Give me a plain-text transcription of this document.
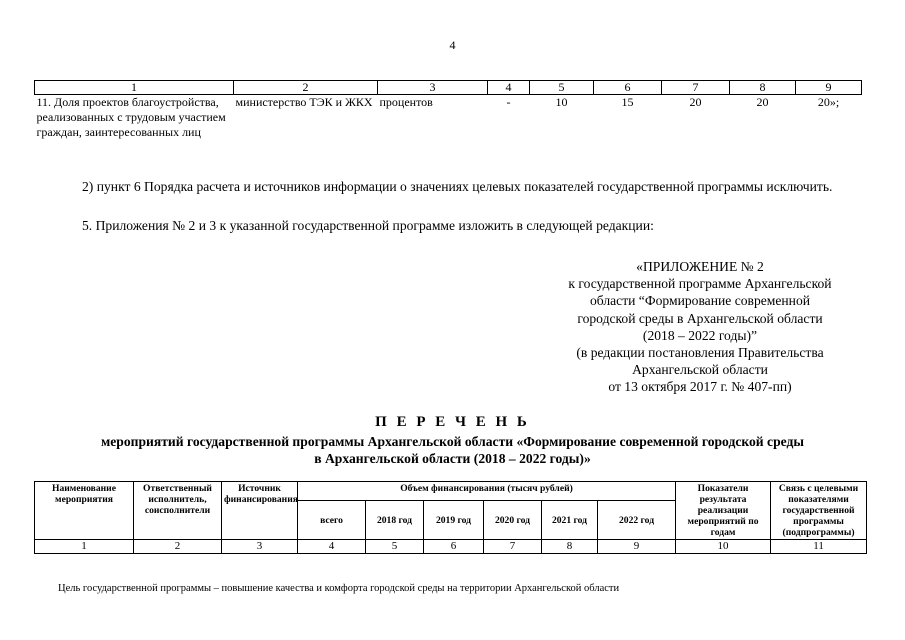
4
1	2	3	4	5	6	7	8	9
11. Доля проектов благоустройства, реализованных с трудовым участием граждан, заинтересованных лиц	министерство ТЭК и ЖКХ	процентов	-	10	15	20	20	20»;
2) пункт 6 Порядка расчета и источников информации о значениях целевых показателей государственной программы исключить.
5. Приложения № 2 и 3 к указанной государственной программе изложить в следующей редакции:
«ПРИЛОЖЕНИЕ № 2
к государственной программе Архангельской
области “Формирование современной
городской среды в Архангельской области
(2018 – 2022 годы)”
(в редакции постановления Правительства
Архангельской области
от 13 октября 2017 г. № 407-пп)
П Е Р Е Ч Е Н Ь
мероприятий государственной программы Архангельской области «Формирование современной городской среды
в Архангельской области (2018 – 2022 годы)»
Наименование мероприятия	Ответственный исполнитель, соисполнители	Источник финансирования	Объем финансирования (тысяч рублей)						Показатели результата реализации мероприятий по годам	Связь с целевыми показателями государственной программы (подпрограммы)
			всего	2018 год	2019 год	2020 год	2021 год	2022 год		
1	2	3	4	5	6	7	8	9	10	11
Цель государственной программы – повышение качества и комфорта городской среды на территории Архангельской области
